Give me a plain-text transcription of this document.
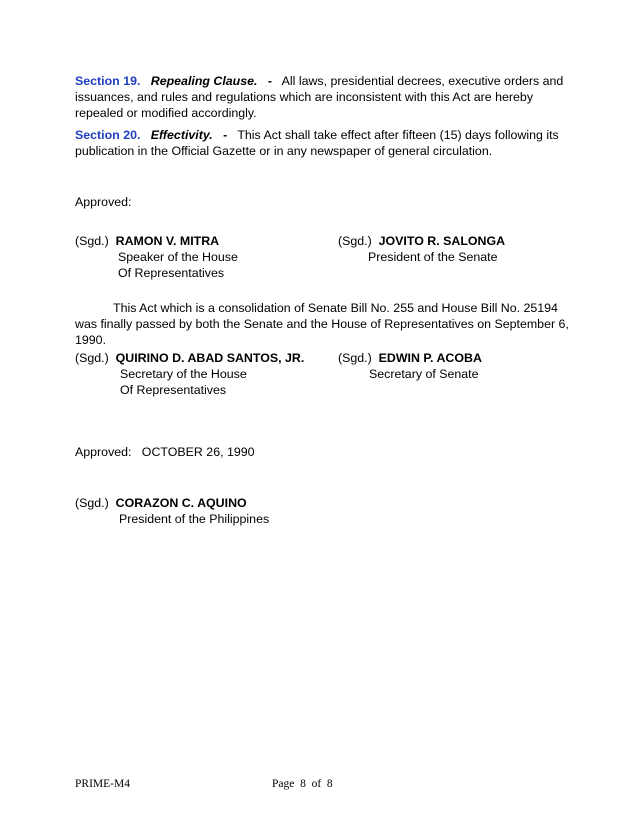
Section 19. Repealing Clause. - All laws, presidential decrees, executive orders and issuances, and rules and regulations which are inconsistent with this Act are hereby repealed or modified accordingly.
Section 20. Effectivity. - This Act shall take effect after fifteen (15) days following its publication in the Official Gazette or in any newspaper of general circulation.
Approved:
(Sgd.) RAMON V. MITRA
Speaker of the House
Of Representatives
(Sgd.) JOVITO R. SALONGA
President of the Senate
This Act which is a consolidation of Senate Bill No. 255 and House Bill No. 25194 was finally passed by both the Senate and the House of Representatives on September 6, 1990.
(Sgd.) QUIRINO D. ABAD SANTOS, JR.
Secretary of the House
Of Representatives
(Sgd.) EDWIN P. ACOBA
Secretary of Senate
Approved:   OCTOBER 26, 1990
(Sgd.) CORAZON C. AQUINO
President of the Philippines
PRIME-M4	Page  8  of  8
